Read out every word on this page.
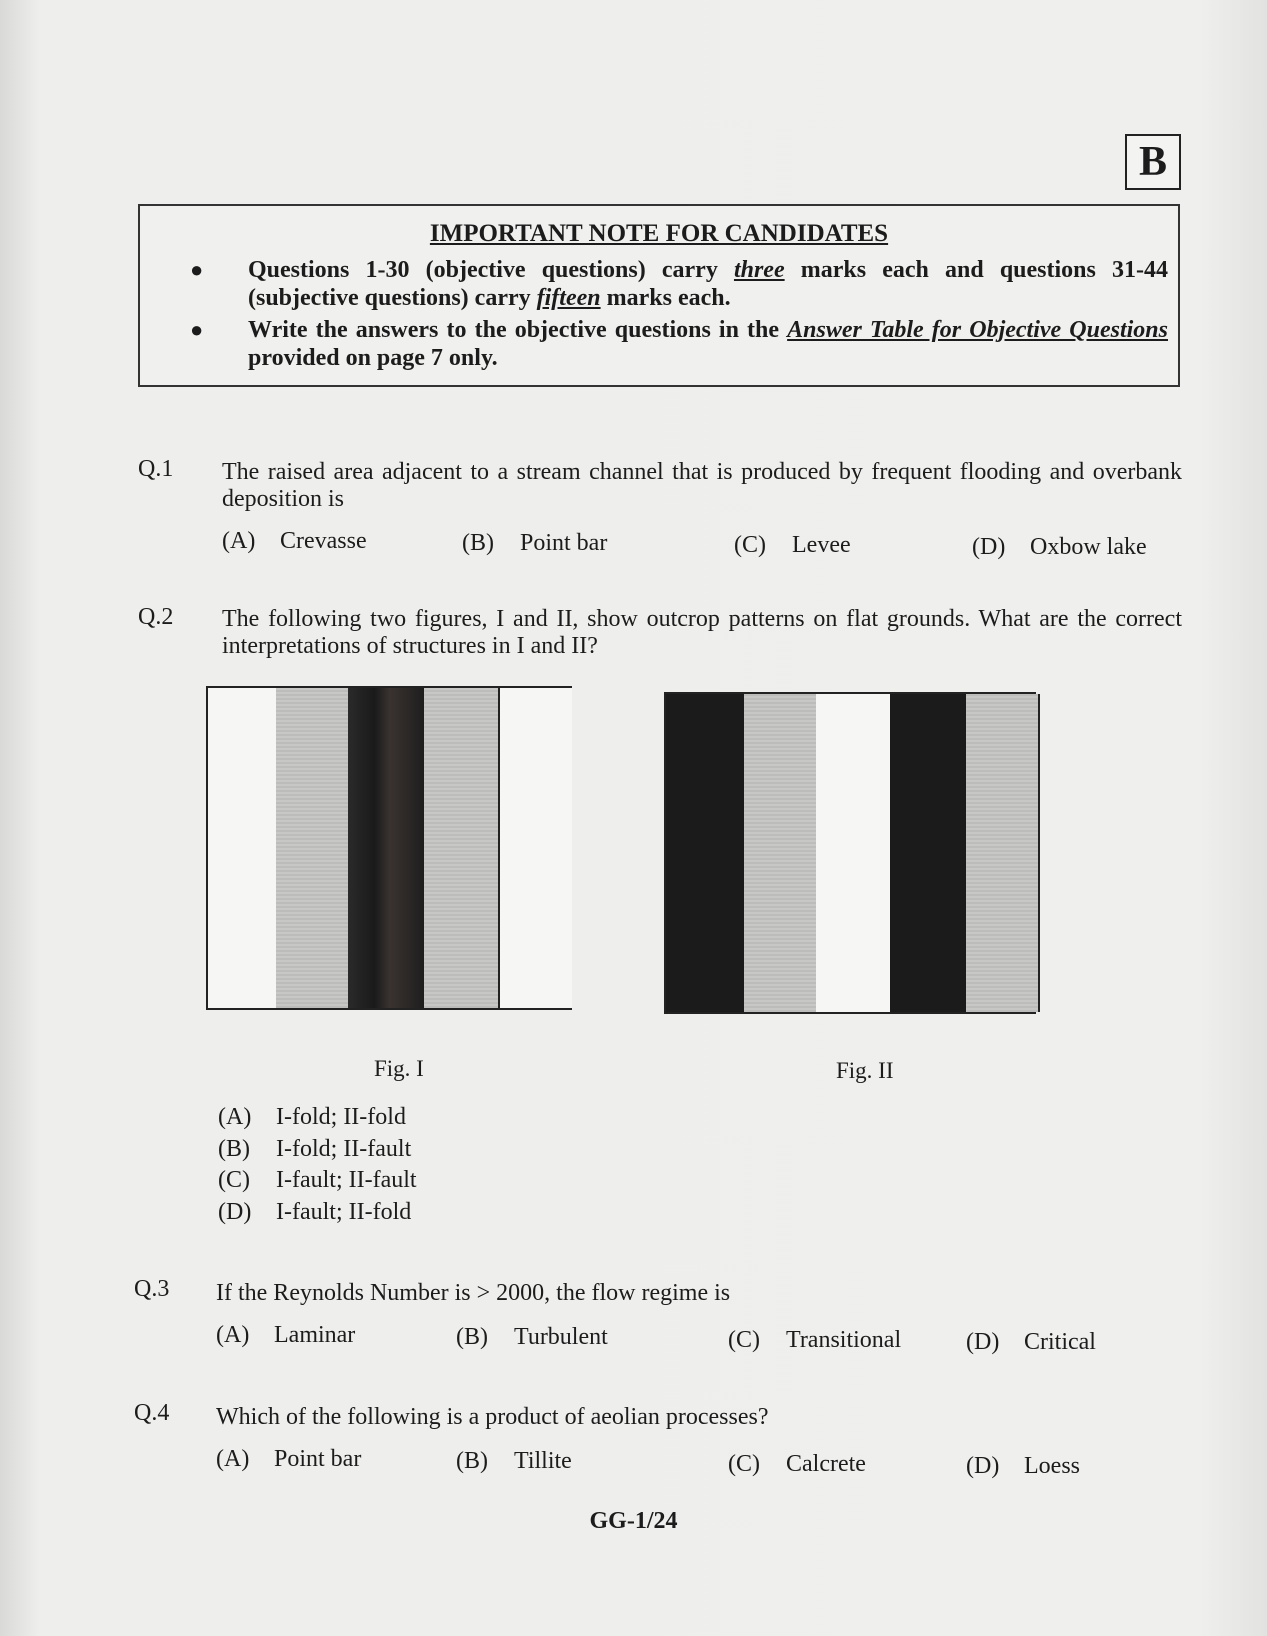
B
IMPORTANT NOTE FOR CANDIDATES
● Questions 1-30 (objective questions) carry three marks each and questions 31-44 (subjective questions) carry fifteen marks each.
● Write the answers to the objective questions in the Answer Table for Objective Questions provided on page 7 only.
Q.1 The raised area adjacent to a stream channel that is produced by frequent flooding and overbank deposition is
(A) Crevasse	(B) Point bar	(C) Levee	(D) Oxbow lake
Q.2 The following two figures, I and II, show outcrop patterns on flat grounds. What are the correct interpretations of structures in I and II?
Fig. I	Fig. II
(A) I-fold; II-fold
(B) I-fold; II-fault
(C) I-fault; II-fault
(D) I-fault; II-fold
Q.3 If the Reynolds Number is > 2000, the flow regime is
(A) Laminar	(B) Turbulent	(C) Transitional	(D) Critical
Q.4 Which of the following is a product of aeolian processes?
(A) Point bar	(B) Tillite	(C) Calcrete	(D) Loess
GG-1/24
